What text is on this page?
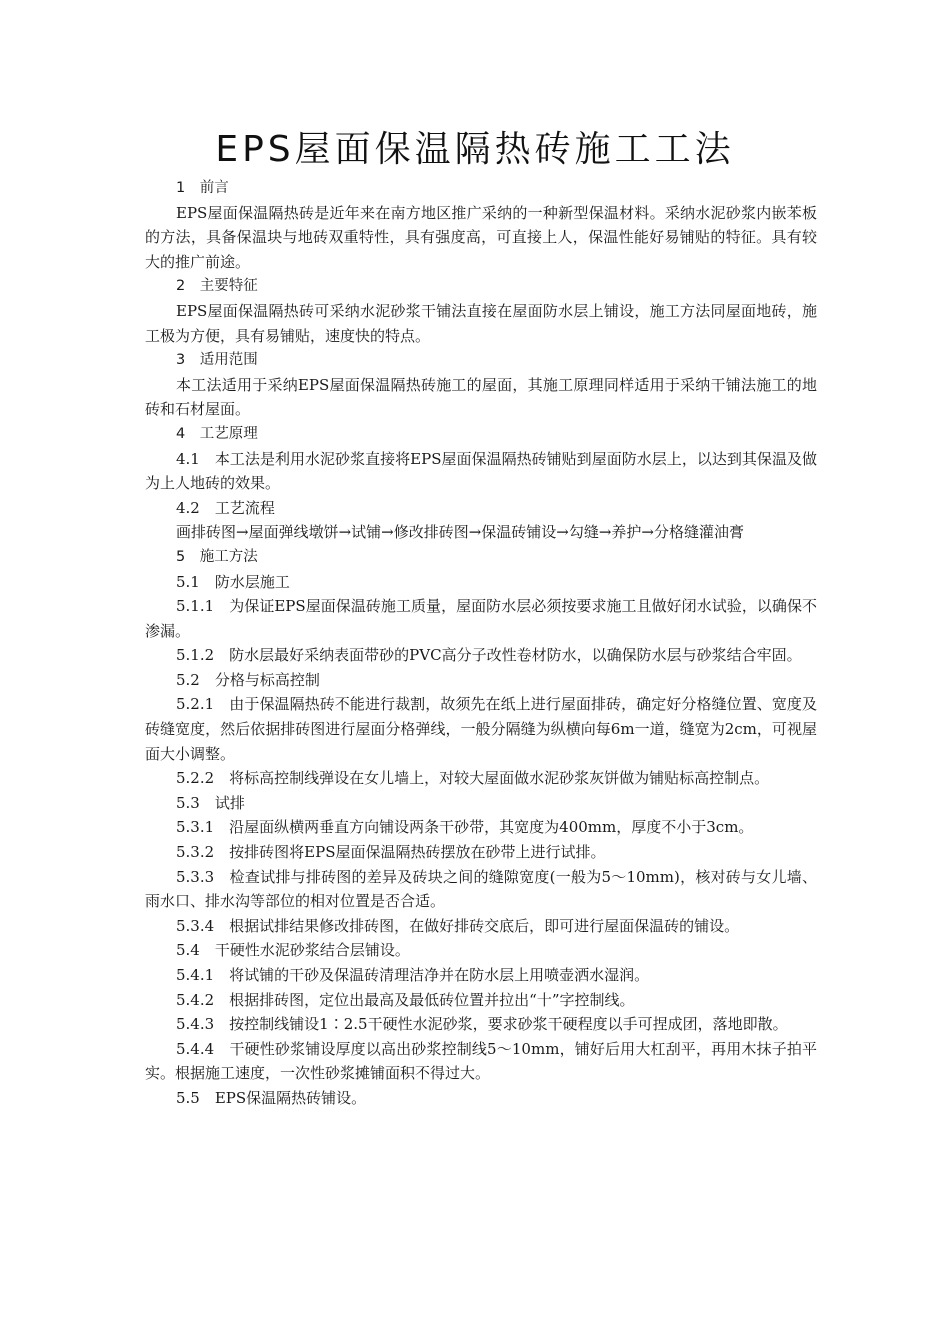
EPS屋面保温隔热砖施工工法

1　前言

EPS屋面保温隔热砖是近年来在南方地区推广采纳的一种新型保温材料。采纳水泥砂浆内嵌苯板的方法，具备保温块与地砖双重特性，具有强度高，可直接上人，保温性能好易铺贴的特征。具有较大的推广前途。

2　主要特征

EPS屋面保温隔热砖可采纳水泥砂浆干铺法直接在屋面防水层上铺设，施工方法同屋面地砖，施工极为方便，具有易铺贴，速度快的特点。

3　适用范围

本工法适用于采纳EPS屋面保温隔热砖施工的屋面，其施工原理同样适用于采纳干铺法施工的地砖和石材屋面。

4　工艺原理

4.1　本工法是利用水泥砂浆直接将EPS屋面保温隔热砖铺贴到屋面防水层上，以达到其保温及做为上人地砖的效果。

4.2　工艺流程

画排砖图→屋面弹线墩饼→试铺→修改排砖图→保温砖铺设→勾缝→养护→分格缝灌油膏

5　施工方法

5.1　防水层施工

5.1.1　为保证EPS屋面保温砖施工质量，屋面防水层必须按要求施工且做好闭水试验，以确保不渗漏。

5.1.2　防水层最好采纳表面带砂的PVC高分子改性卷材防水，以确保防水层与砂浆结合牢固。

5.2　分格与标高控制

5.2.1　由于保温隔热砖不能进行裁割，故须先在纸上进行屋面排砖，确定好分格缝位置、宽度及砖缝宽度，然后依据排砖图进行屋面分格弹线，一般分隔缝为纵横向每6m一道，缝宽为2cm，可视屋面大小调整。

5.2.2　将标高控制线弹设在女儿墙上，对较大屋面做水泥砂浆灰饼做为铺贴标高控制点。

5.3　试排

5.3.1　沿屋面纵横两垂直方向铺设两条干砂带，其宽度为400mm，厚度不小于3cm。

5.3.2　按排砖图将EPS屋面保温隔热砖摆放在砂带上进行试排。

5.3.3　检查试排与排砖图的差异及砖块之间的缝隙宽度(一般为5～10mm)，核对砖与女儿墙、雨水口、排水沟等部位的相对位置是否合适。

5.3.4　根据试排结果修改排砖图，在做好排砖交底后，即可进行屋面保温砖的铺设。

5.4　干硬性水泥砂浆结合层铺设。

5.4.1　将试铺的干砂及保温砖清理洁净并在防水层上用喷壶洒水湿润。

5.4.2　根据排砖图，定位出最高及最低砖位置并拉出“十”字控制线。

5.4.3　按控制线铺设1∶2.5干硬性水泥砂浆，要求砂浆干硬程度以手可捏成团，落地即散。

5.4.4　干硬性砂浆铺设厚度以高出砂浆控制线5～10mm，铺好后用大杠刮平，再用木抹子拍平实。根据施工速度，一次性砂浆摊铺面积不得过大。

5.5　EPS保温隔热砖铺设。
